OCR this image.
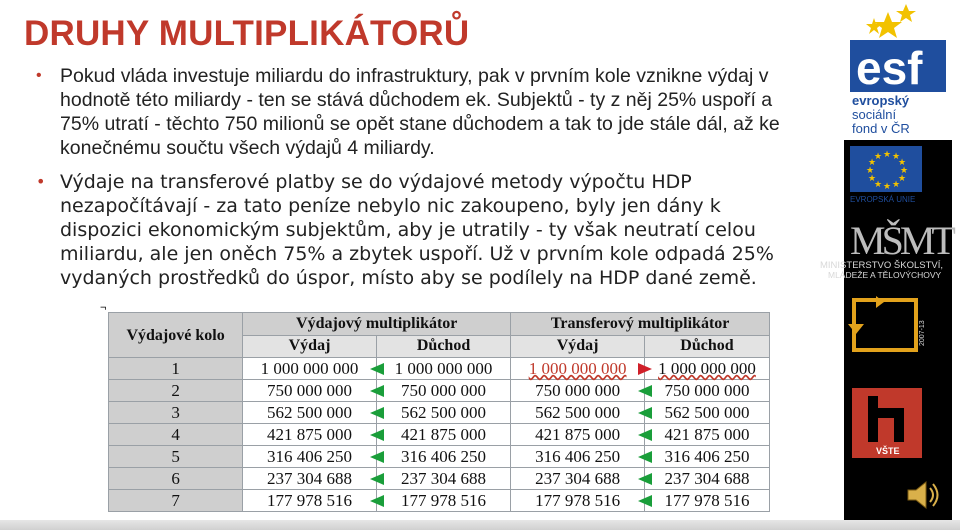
DRUHY MULTIPLIKÁTORŮ
• Pokud vláda investuje miliardu do infrastruktury, pak v prvním kole vznikne výdaj v hodnotě této miliardy - ten se stává důchodem ek. Subjektů - ty z něj 25% uspoří a 75% utratí - těchto 750 milionů se opět stane důchodem a tak to jde stále dál, až ke konečnému součtu všech výdajů 4 miliardy.
• Výdaje na transferové platby se do výdajové metody výpočtu HDP nezapočítávají - za tato peníze nebylo nic zakoupeno, byly jen dány k dispozici ekonomickým subjektům, aby je utratily - ty však neutratí celou miliardu, ale jen oněch 75% a zbytek uspoří. Už v prvním kole odpadá 25% vydaných prostředků do úspor, místo aby se podílely na HDP dané země.
¬
Výdajové kolo	Výdajový multiplikátor		Transferový multiplikátor	
	Výdaj	Důchod	Výdaj	Důchod
1	1 000 000 000	1 000 000 000	1 000 000 000	1 000 000 000
2	750 000 000	750 000 000	750 000 000	750 000 000
3	562 500 000	562 500 000	562 500 000	562 500 000
4	421 875 000	421 875 000	421 875 000	421 875 000
5	316 406 250	316 406 250	316 406 250	316 406 250
6	237 304 688	237 304 688	237 304 688	237 304 688
7	177 978 516	177 978 516	177 978 516	177 978 516
esf
evropský
sociální
fond v ČR
★ ★
★
★
★
★
★
★
★
★
★
★
EVROPSKÁ UNIE
MŠMT
MINISTERSTVO ŠKOLSTVÍ,
MLÁDEŽE A TĚLOVÝCHOVY
2007-13
VŠTE
